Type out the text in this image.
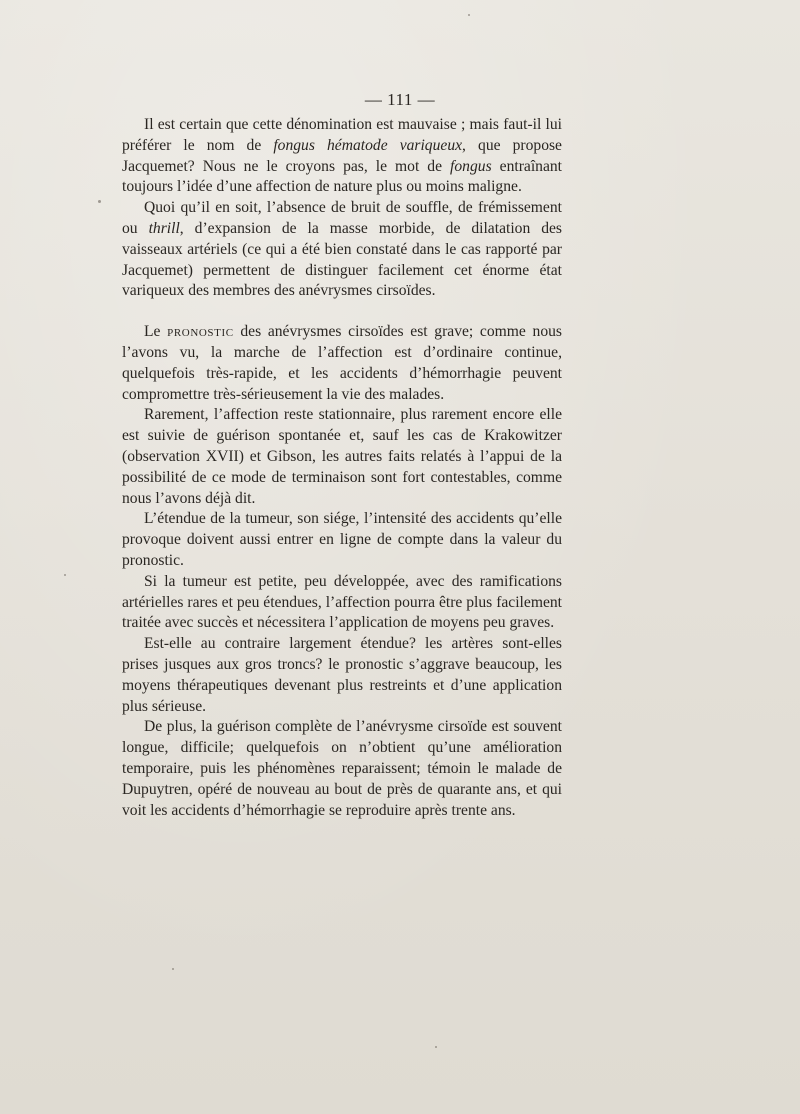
— 111 —

Il est certain que cette dénomination est mauvaise ; mais faut-il lui préférer le nom de fongus hématode variqueux, que propose Jacquemet? Nous ne le croyons pas, le mot de fongus entraînant toujours l’idée d’une affection de nature plus ou moins maligne.

Quoi qu’il en soit, l’absence de bruit de souffle, de frémissement ou thrill, d’expansion de la masse morbide, de dilatation des vaisseaux artériels (ce qui a été bien constaté dans le cas rapporté par Jacquemet) permettent de distinguer facilement cet énorme état variqueux des membres des anévrysmes cirsoïdes.

Le pronostic des anévrysmes cirsoïdes est grave; comme nous l’avons vu, la marche de l’affection est d’ordinaire continue, quelquefois très-rapide, et les accidents d’hémorrhagie peuvent compromettre très-sérieusement la vie des malades.

Rarement, l’affection reste stationnaire, plus rarement encore elle est suivie de guérison spontanée et, sauf les cas de Krakowitzer (observation XVII) et Gibson, les autres faits relatés à l’appui de la possibilité de ce mode de terminaison sont fort contestables, comme nous l’avons déjà dit.

L’étendue de la tumeur, son siége, l’intensité des accidents qu’elle provoque doivent aussi entrer en ligne de compte dans la valeur du pronostic.

Si la tumeur est petite, peu développée, avec des ramifications artérielles rares et peu étendues, l’affection pourra être plus facilement traitée avec succès et nécessitera l’application de moyens peu graves.

Est-elle au contraire largement étendue? les artères sont-elles prises jusques aux gros troncs? le pronostic s’aggrave beaucoup, les moyens thérapeutiques devenant plus restreints et d’une application plus sérieuse.

De plus, la guérison complète de l’anévrysme cirsoïde est souvent longue, difficile; quelquefois on n’obtient qu’une amélioration temporaire, puis les phénomènes reparaissent; témoin le malade de Dupuytren, opéré de nouveau au bout de près de quarante ans, et qui voit les accidents d’hémorrhagie se reproduire après trente ans.
